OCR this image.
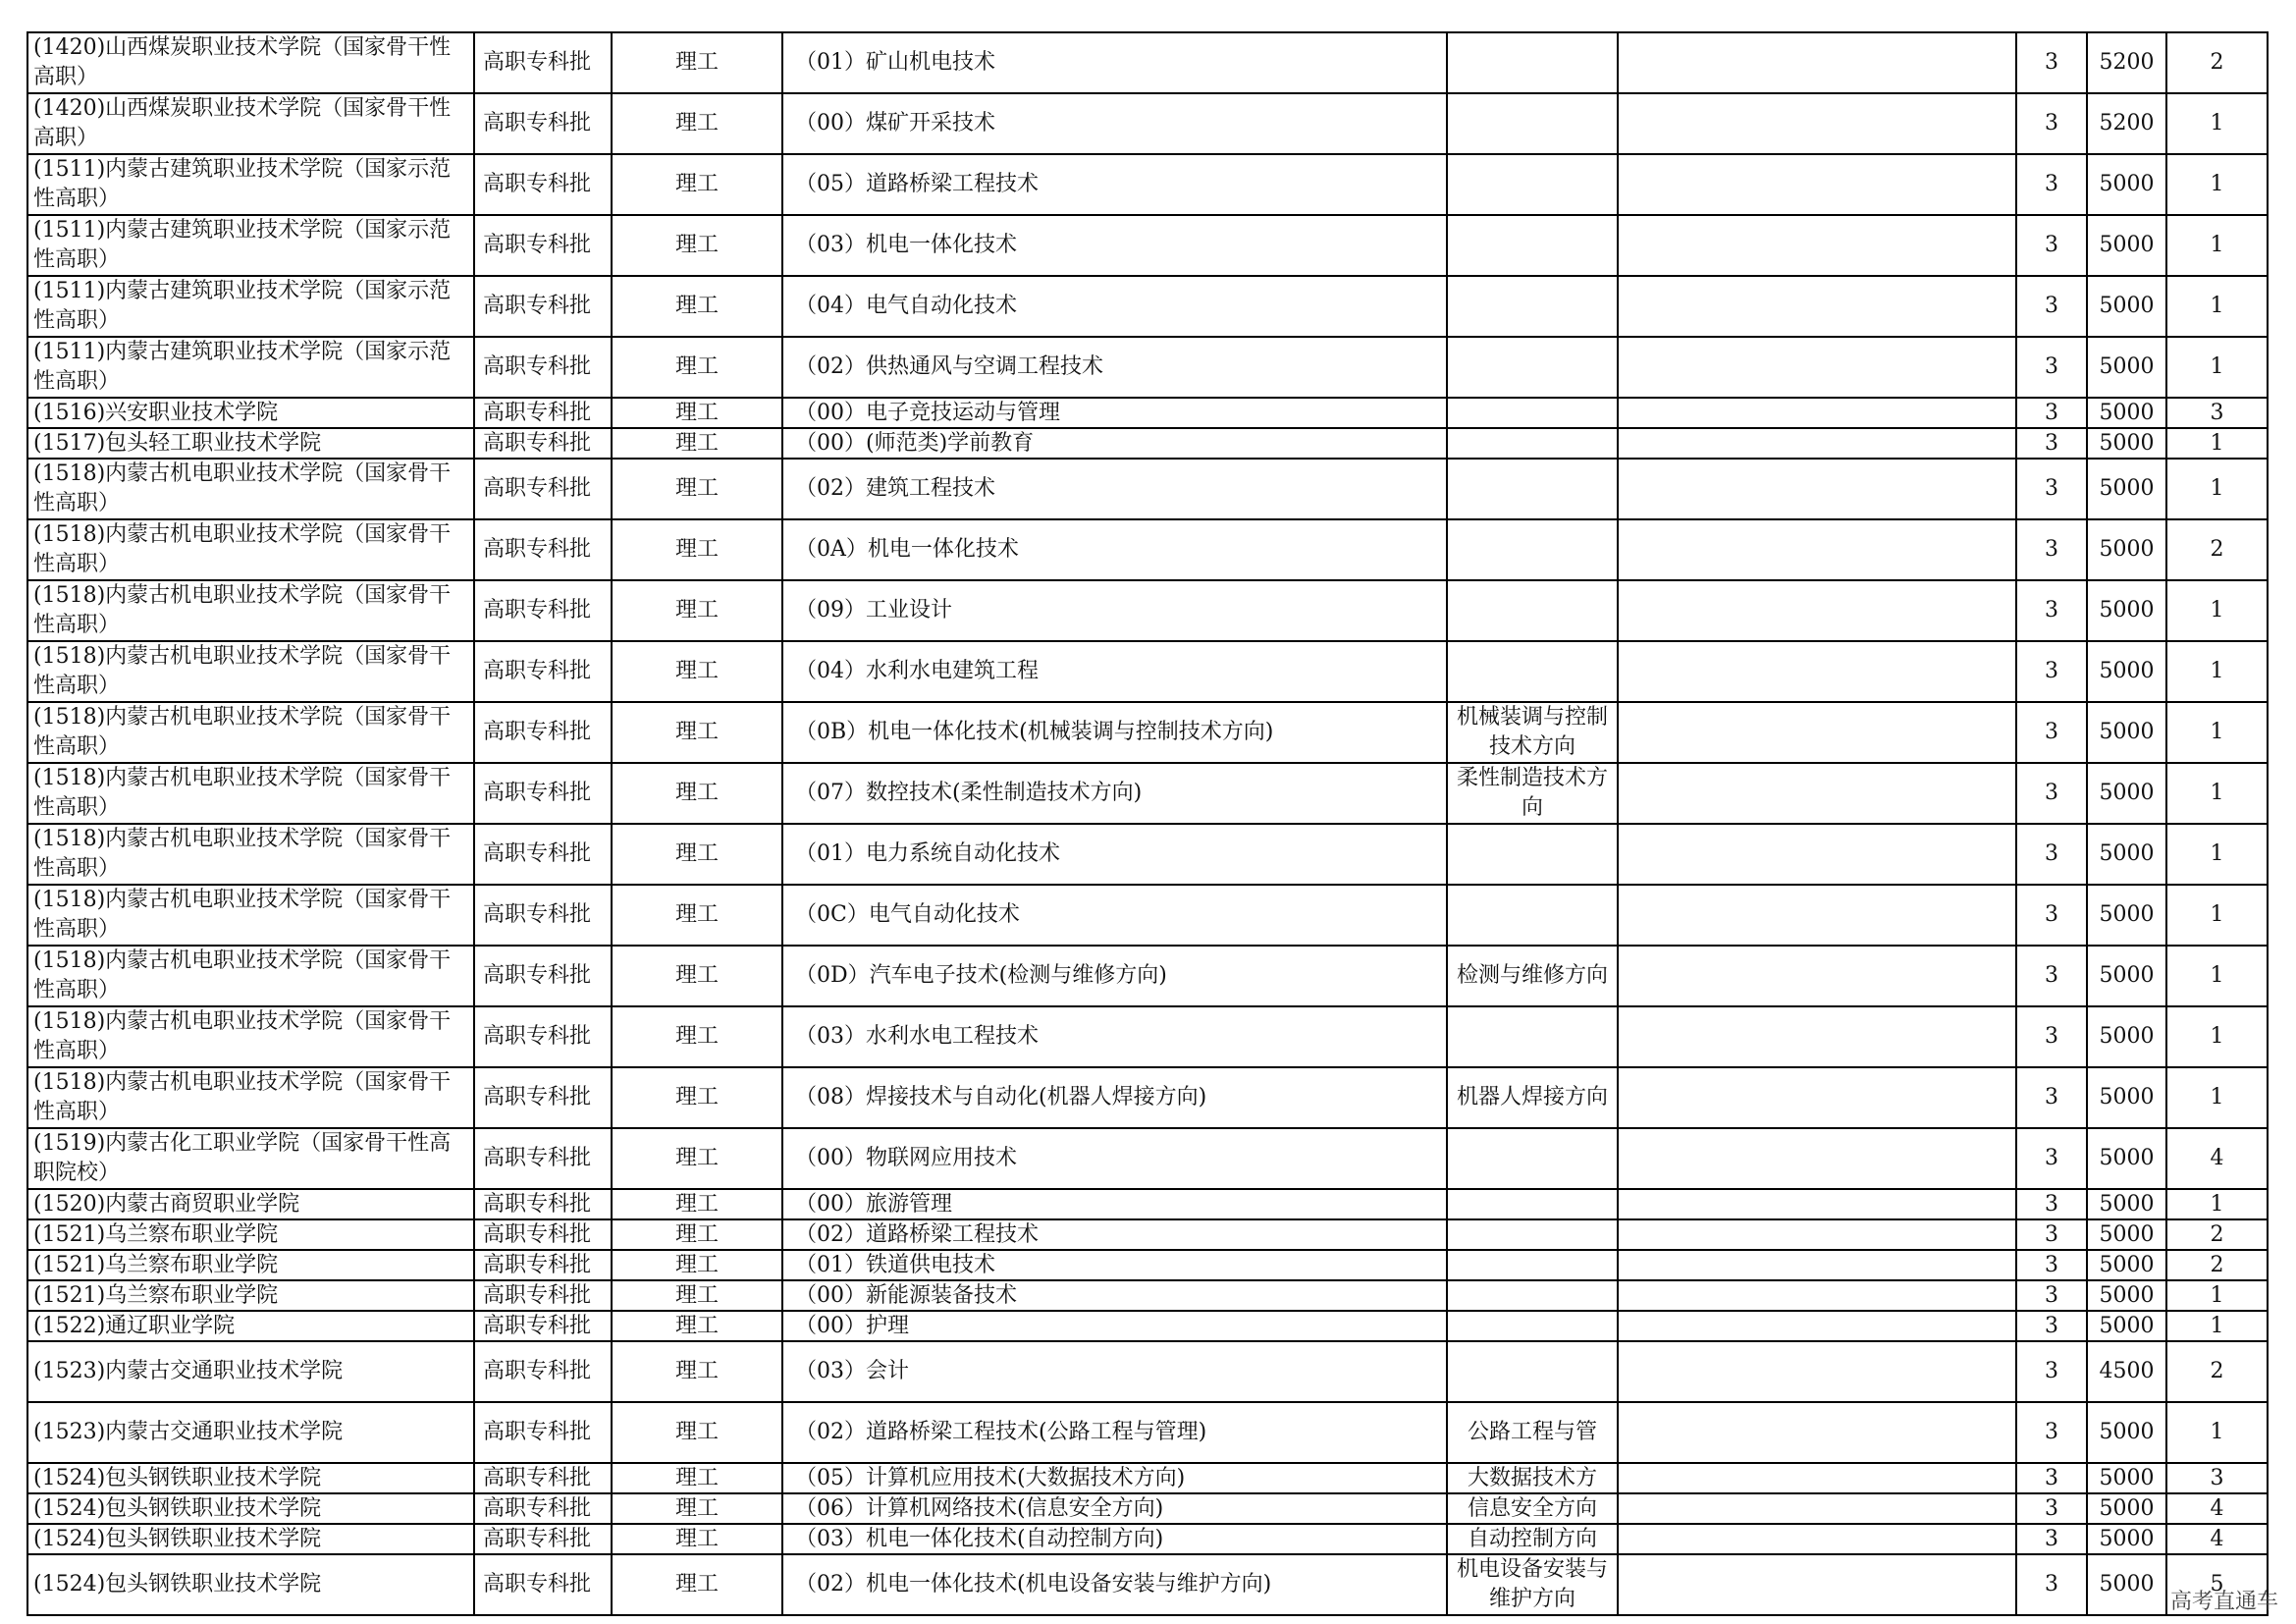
(1420)山西煤炭职业技术学院（国家骨干性高职）	高职专科批	理工	（01）矿山机电技术			3	5200	2
(1420)山西煤炭职业技术学院（国家骨干性高职）	高职专科批	理工	（00）煤矿开采技术			3	5200	1
(1511)内蒙古建筑职业技术学院（国家示范性高职）	高职专科批	理工	（05）道路桥梁工程技术			3	5000	1
(1511)内蒙古建筑职业技术学院（国家示范性高职）	高职专科批	理工	（03）机电一体化技术			3	5000	1
(1511)内蒙古建筑职业技术学院（国家示范性高职）	高职专科批	理工	（04）电气自动化技术			3	5000	1
(1511)内蒙古建筑职业技术学院（国家示范性高职）	高职专科批	理工	（02）供热通风与空调工程技术			3	5000	1
(1516)兴安职业技术学院	高职专科批	理工	（00）电子竞技运动与管理			3	5000	3
(1517)包头轻工职业技术学院	高职专科批	理工	（00）(师范类)学前教育			3	5000	1
(1518)内蒙古机电职业技术学院（国家骨干性高职）	高职专科批	理工	（02）建筑工程技术			3	5000	1
(1518)内蒙古机电职业技术学院（国家骨干性高职）	高职专科批	理工	（0A）机电一体化技术			3	5000	2
(1518)内蒙古机电职业技术学院（国家骨干性高职）	高职专科批	理工	（09）工业设计			3	5000	1
(1518)内蒙古机电职业技术学院（国家骨干性高职）	高职专科批	理工	（04）水利水电建筑工程			3	5000	1
(1518)内蒙古机电职业技术学院（国家骨干性高职）	高职专科批	理工	（0B）机电一体化技术(机械装调与控制技术方向)	机械装调与控制技术方向		3	5000	1
(1518)内蒙古机电职业技术学院（国家骨干性高职）	高职专科批	理工	（07）数控技术(柔性制造技术方向)	柔性制造技术方向		3	5000	1
(1518)内蒙古机电职业技术学院（国家骨干性高职）	高职专科批	理工	（01）电力系统自动化技术			3	5000	1
(1518)内蒙古机电职业技术学院（国家骨干性高职）	高职专科批	理工	（0C）电气自动化技术			3	5000	1
(1518)内蒙古机电职业技术学院（国家骨干性高职）	高职专科批	理工	（0D）汽车电子技术(检测与维修方向)	检测与维修方向		3	5000	1
(1518)内蒙古机电职业技术学院（国家骨干性高职）	高职专科批	理工	（03）水利水电工程技术			3	5000	1
(1518)内蒙古机电职业技术学院（国家骨干性高职）	高职专科批	理工	（08）焊接技术与自动化(机器人焊接方向)	机器人焊接方向		3	5000	1
(1519)内蒙古化工职业学院（国家骨干性高职院校）	高职专科批	理工	（00）物联网应用技术			3	5000	4
(1520)内蒙古商贸职业学院	高职专科批	理工	（00）旅游管理			3	5000	1
(1521)乌兰察布职业学院	高职专科批	理工	（02）道路桥梁工程技术			3	5000	2
(1521)乌兰察布职业学院	高职专科批	理工	（01）铁道供电技术			3	5000	2
(1521)乌兰察布职业学院	高职专科批	理工	（00）新能源装备技术			3	5000	1
(1522)通辽职业学院	高职专科批	理工	（00）护理			3	5000	1
(1523)内蒙古交通职业技术学院	高职专科批	理工	（03）会计			3	4500	2
(1523)内蒙古交通职业技术学院	高职专科批	理工	（02）道路桥梁工程技术(公路工程与管理)	公路工程与管		3	5000	1
(1524)包头钢铁职业技术学院	高职专科批	理工	（05）计算机应用技术(大数据技术方向)	大数据技术方		3	5000	3
(1524)包头钢铁职业技术学院	高职专科批	理工	（06）计算机网络技术(信息安全方向)	信息安全方向		3	5000	4
(1524)包头钢铁职业技术学院	高职专科批	理工	（03）机电一体化技术(自动控制方向)	自动控制方向		3	5000	4
(1524)包头钢铁职业技术学院	高职专科批	理工	（02）机电一体化技术(机电设备安装与维护方向)	机电设备安装与维护方向		3	5000	5
高考直通车
